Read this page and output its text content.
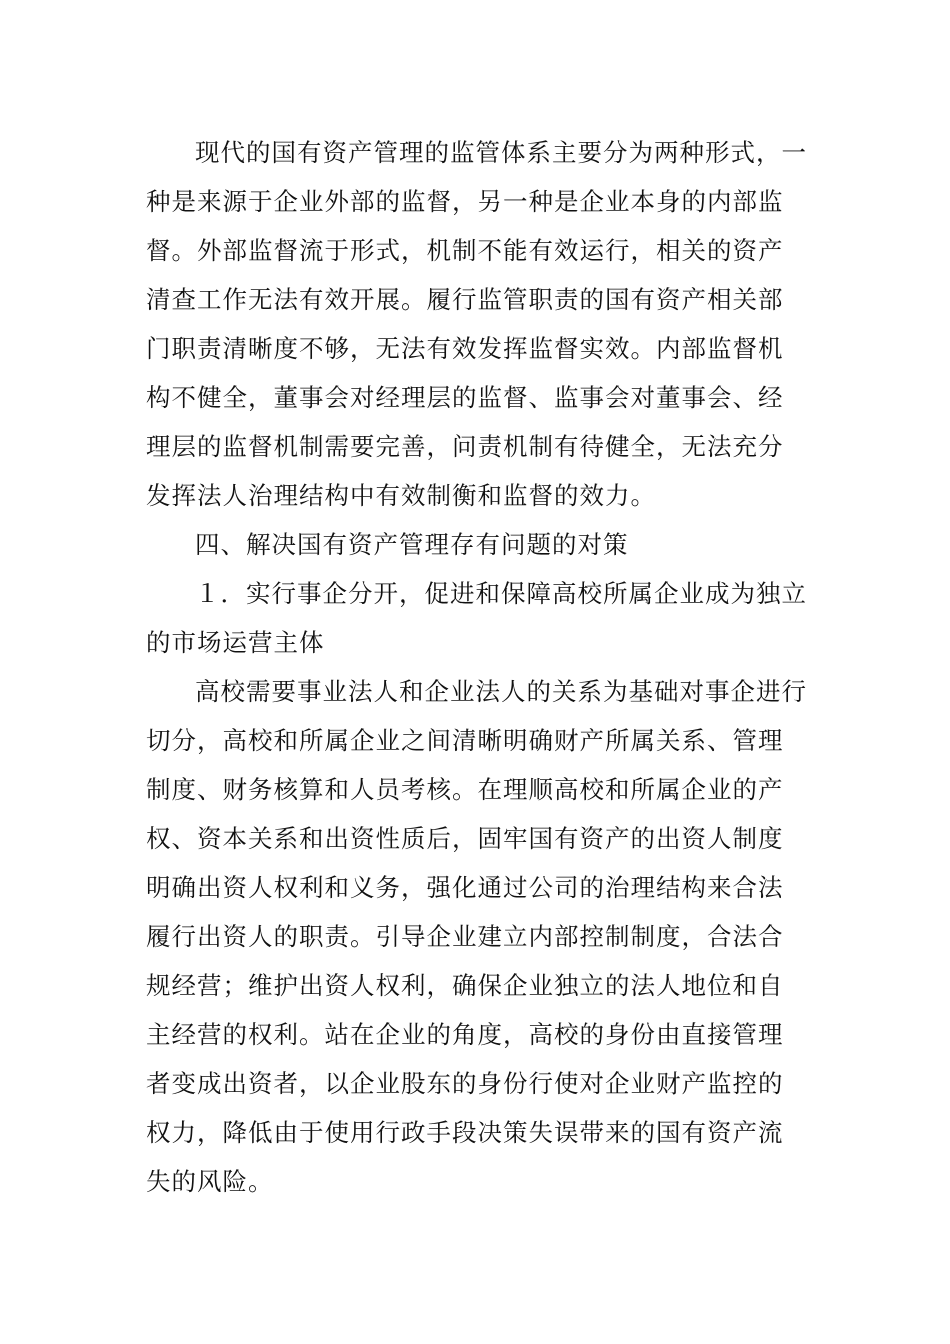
现代的国有资产管理的监管体系主要分为两种形式，一
种是来源于企业外部的监督，另一种是企业本身的内部监
督。外部监督流于形式，机制不能有效运行，相关的资产
清查工作无法有效开展。履行监管职责的国有资产相关部
门职责清晰度不够，无法有效发挥监督实效。内部监督机
构不健全，董事会对经理层的监督、监事会对董事会、经
理层的监督机制需要完善，问责机制有待健全，无法充分
发挥法人治理结构中有效制衡和监督的效力。

四、解决国有资产管理存有问题的对策

１．实行事企分开，促进和保障高校所属企业成为独立
的市场运营主体

高校需要事业法人和企业法人的关系为基础对事企进行
切分，高校和所属企业之间清晰明确财产所属关系、管理
制度、财务核算和人员考核。在理顺高校和所属企业的产
权、资本关系和出资性质后，固牢国有资产的出资人制度
明确出资人权利和义务，强化通过公司的治理结构来合法
履行出资人的职责。引导企业建立内部控制制度，合法合
规经营；维护出资人权利，确保企业独立的法人地位和自
主经营的权利。站在企业的角度，高校的身份由直接管理
者变成出资者，以企业股东的身份行使对企业财产监控的
权力，降低由于使用行政手段决策失误带来的国有资产流
失的风险。
